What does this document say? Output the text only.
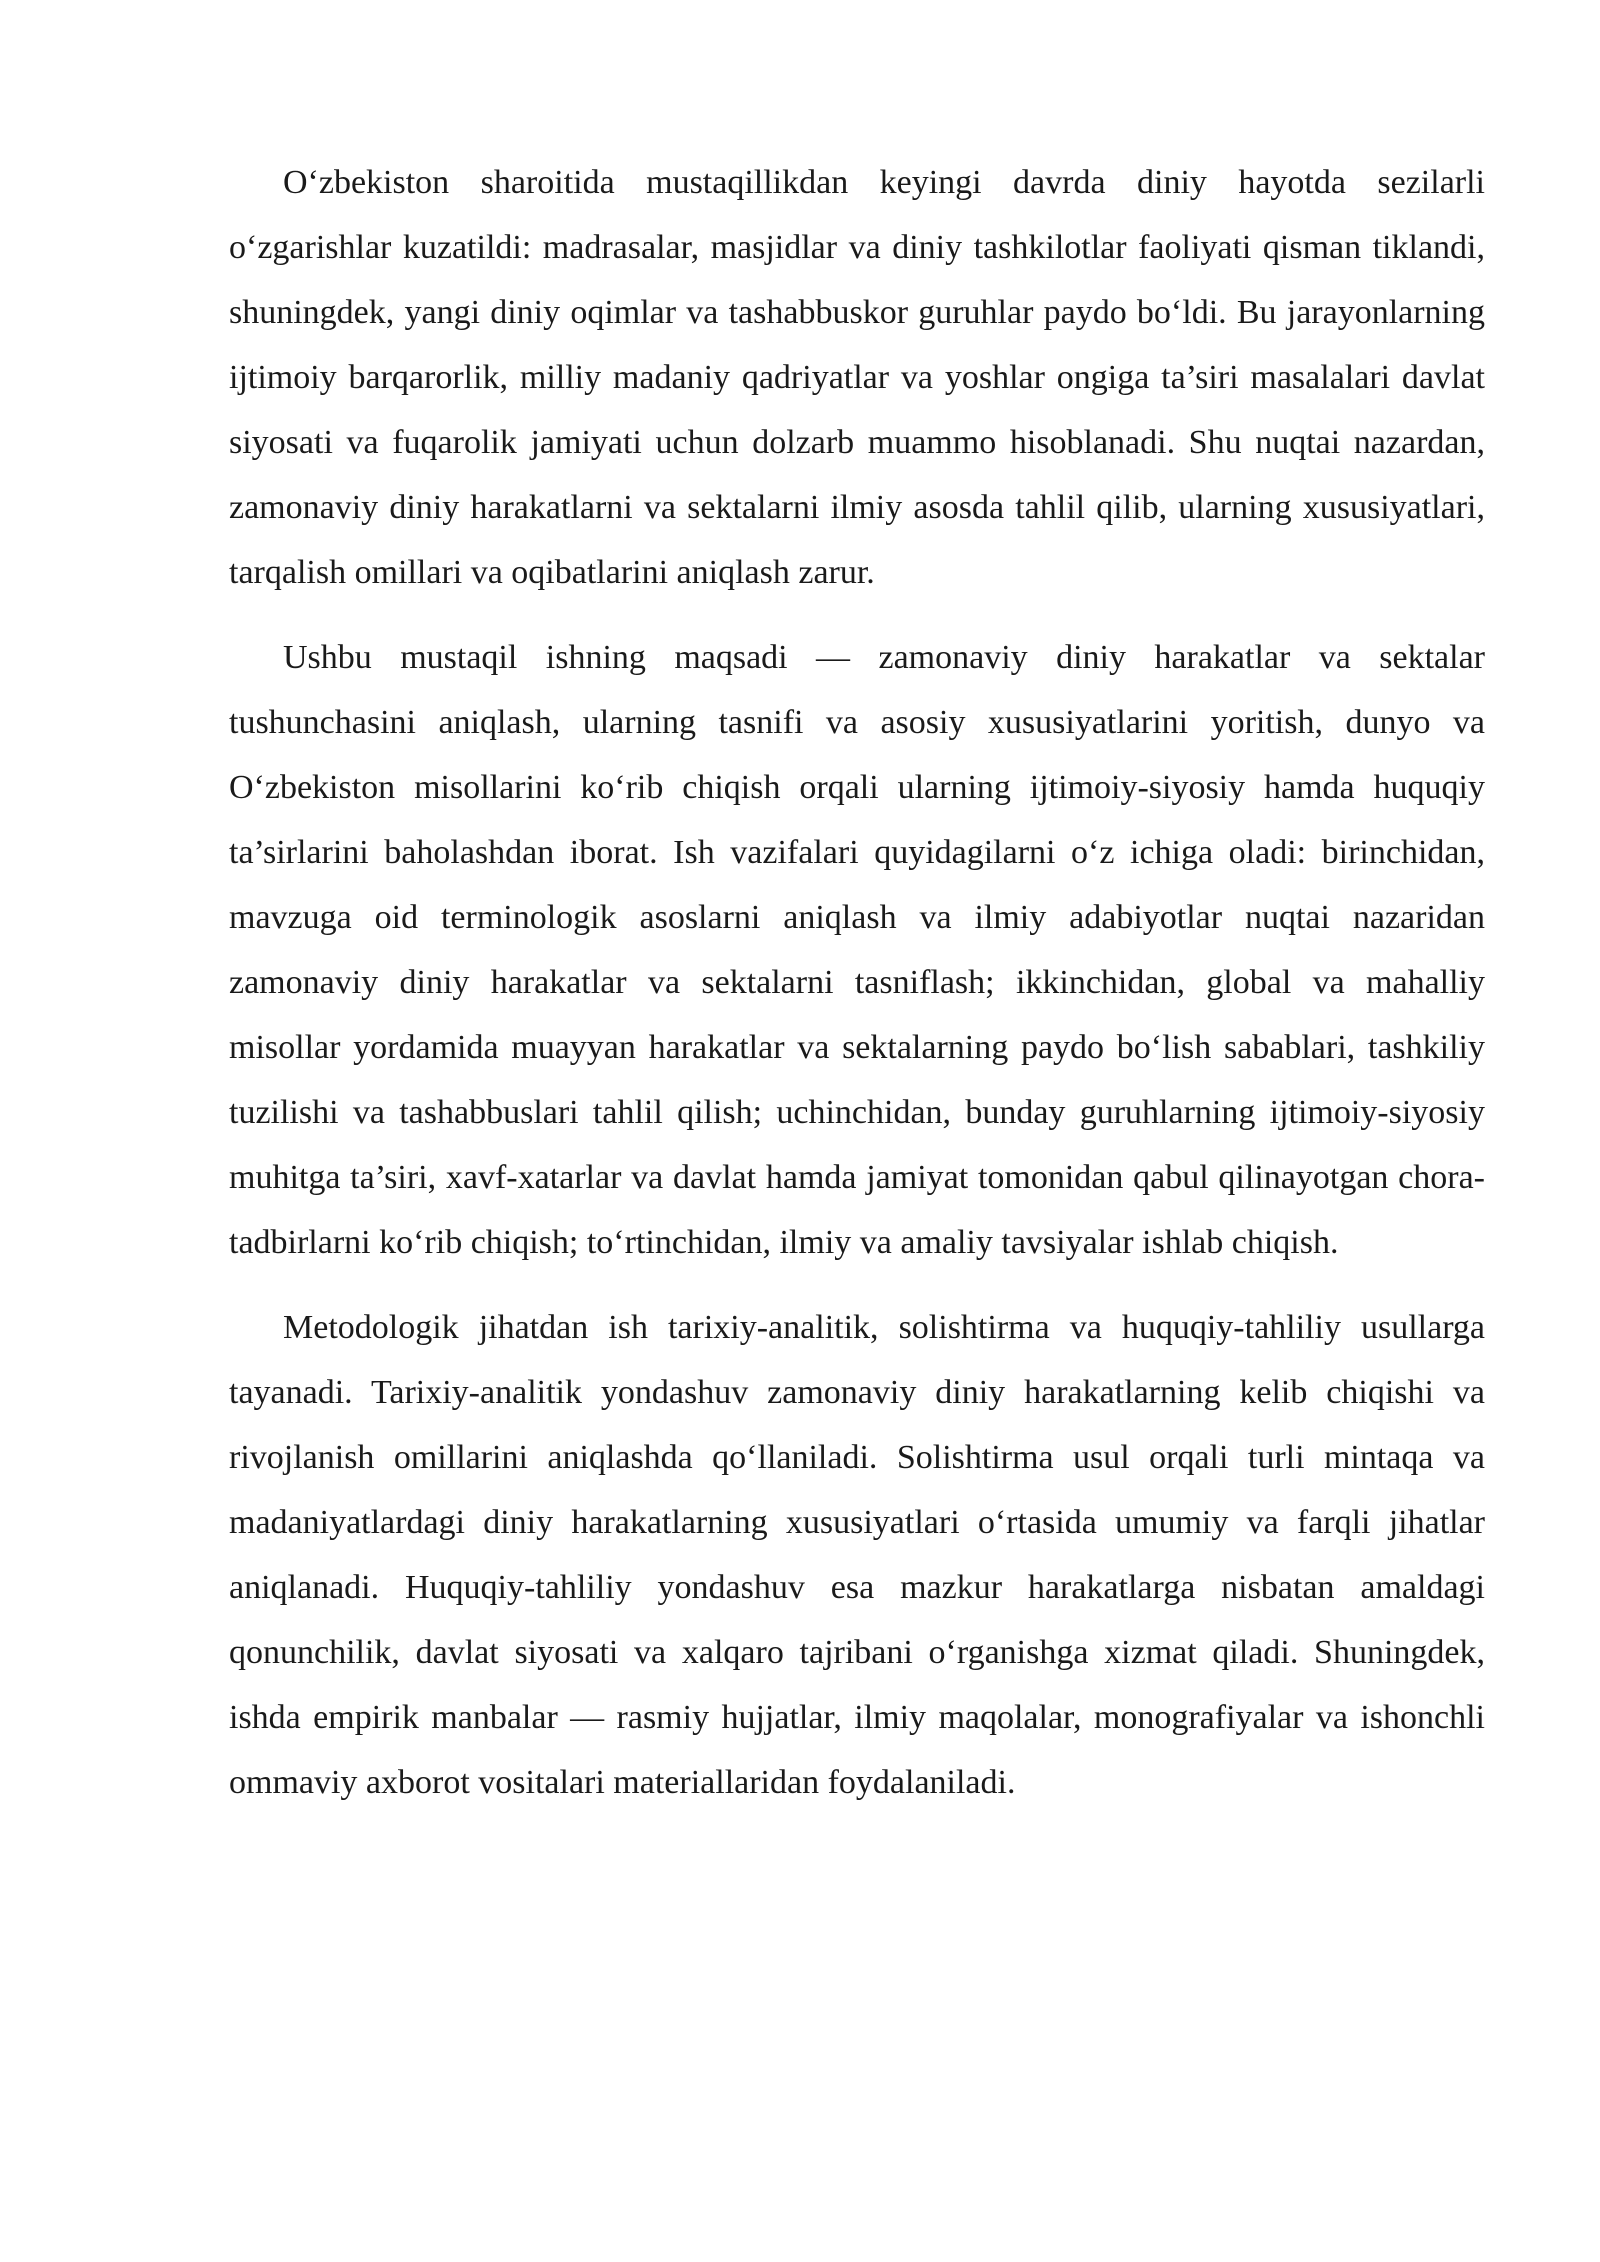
O‘zbekiston sharoitida mustaqillikdan keyingi davrda diniy hayotda sezilarli o‘zgarishlar kuzatildi: madrasalar, masjidlar va diniy tashkilotlar faoliyati qisman tiklandi, shuningdek, yangi diniy oqimlar va tashabbuskor guruhlar paydo bo‘ldi. Bu jarayonlarning ijtimoiy barqarorlik, milliy madaniy qadriyatlar va yoshlar ongiga ta’siri masalalari davlat siyosati va fuqarolik jamiyati uchun dolzarb muammo hisoblanadi. Shu nuqtai nazardan, zamonaviy diniy harakatlarni va sektalarni ilmiy asosda tahlil qilib, ularning xususiyatlari, tarqalish omillari va oqibatlarini aniqlash zarur.

Ushbu mustaqil ishning maqsadi — zamonaviy diniy harakatlar va sektalar tushunchasini aniqlash, ularning tasnifi va asosiy xususiyatlarini yoritish, dunyo va O‘zbekiston misollarini ko‘rib chiqish orqali ularning ijtimoiy-siyosiy hamda huquqiy ta’sirlarini baholashdan iborat. Ish vazifalari quyidagilarni o‘z ichiga oladi: birinchidan, mavzuga oid terminologik asoslarni aniqlash va ilmiy adabiyotlar nuqtai nazaridan zamonaviy diniy harakatlar va sektalarni tasniflash; ikkinchidan, global va mahalliy misollar yordamida muayyan harakatlar va sektalarning paydo bo‘lish sabablari, tashkiliy tuzilishi va tashabbuslari tahlil qilish; uchinchidan, bunday guruhlarning ijtimoiy-siyosiy muhitga ta’siri, xavf-xatarlar va davlat hamda jamiyat tomonidan qabul qilinayotgan chora-tadbirlarni ko‘rib chiqish; to‘rtinchidan, ilmiy va amaliy tavsiyalar ishlab chiqish.

Metodologik jihatdan ish tarixiy-analitik, solishtirma va huquqiy-tahliliy usullarga tayanadi. Tarixiy-analitik yondashuv zamonaviy diniy harakatlarning kelib chiqishi va rivojlanish omillarini aniqlashda qo‘llaniladi. Solishtirma usul orqali turli mintaqa va madaniyatlardagi diniy harakatlarning xususiyatlari o‘rtasida umumiy va farqli jihatlar aniqlanadi. Huquqiy-tahliliy yondashuv esa mazkur harakatlarga nisbatan amaldagi qonunchilik, davlat siyosati va xalqaro tajribani o‘rganishga xizmat qiladi. Shuningdek, ishda empirik manbalar — rasmiy hujjatlar, ilmiy maqolalar, monografiyalar va ishonchli ommaviy axborot vositalari materiallaridan foydalaniladi.
